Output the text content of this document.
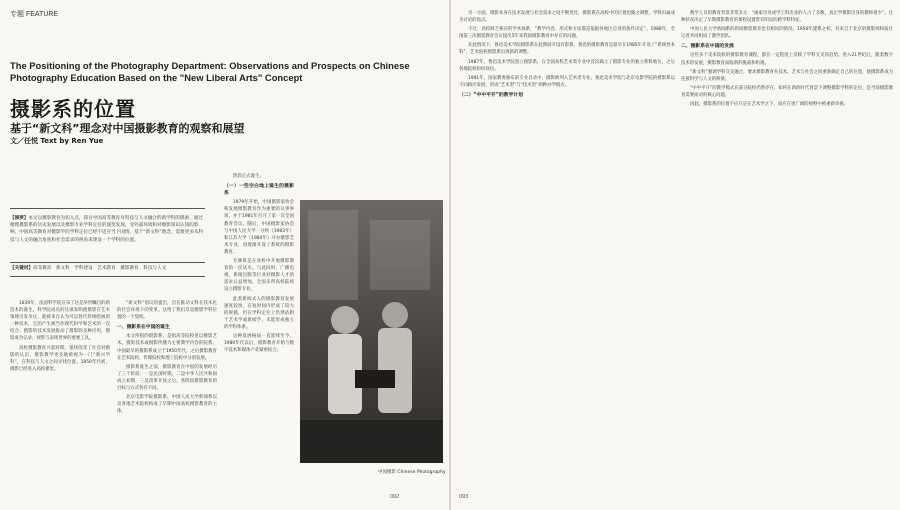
专题 FEATURE
The Positioning of the Photography Department: Observations and Prospects on Chinese Photography Education Based on the "New Liberal Arts" Concept
摄影系的位置
基于“新文科”理念对中国摄影教育的观察和展望
文／任悦 Text by Ren Yue
【摘要】本文以摄影教育为切入点，探讨中国高等教育对科技与人文融合的新学科的摸索。通过梳理摄影系的历史发展以及摄影专业学科定位的演变发现，受外部环境和对摄影知识认知的影响，中国高等教育对摄影学的学科定位已经不适应当下国情。基于“新文科”理念，需要更多从科技与人文的融合角度和社会需求的视角来建设一个学科的位置。
【关键词】高等教育　新文科　学科建设　艺术教育　摄影教育　科技与人文

1839年，法国科学院宣布了这是举世瞩目的新技术的诞生。科学院成员的这项发明使摄影在艺术领域引发争议，就被来自认为可以替代传统绘画的一种技术，它的产生被当作现代科学和艺术的一次结合。摄影的技术发展推动了摄影的多种应用，摄影成为记录、观察与表现世界的重要工具。

高校摄影教育兴起时期，很快改变了社会对摄影的认识，摄影教学更多地被视为一门“新兴学科”，在科技与人文之间寻找位置。1950年代初，摄影已经进入高校课堂。

“新文科”倡议的提出，旨在推动文科在技术化的社会环境下的变革。这给了我们反思摄影学科位置的一个契机。

一、摄影系在中国的诞生

本文所指的摄影系，是指高等院校里以摄影艺术、摄影技术或摄影传播为主要教学内容的院系。中国最早的摄影系成立于1950年代，之后摄影教育在艺术院校、传媒院校和理工院校中分别发展。

摄影系诞生之前，摄影教育在中国的发展经历了三个阶段：一是民国时期，二是中华人民共和国成立初期，三是改革开放之后。各阶段摄影教育的目标与方式各有不同。

北京电影学院摄影系、中国人民大学新闻系以及各地艺术院校构成了早期中国高校摄影教育的主体。

阶段正式诞生。

（一）一些空白地上诞生的摄影系

1979年开始，中国摄影家协会和发展摄影教育作为重要的议事事项，并于1981年召开了第一次全国教育会议。随后，中国摄影家协会与中国人民大学一分校（1983年）和江苏大学（1984年）开办摄影艺术专业，再逐渐开设了系统的摄影教育。

专修班是在高校中开展摄影教育的一次试水。与此同时，广播电视、新闻出版等行业对摄影人才的需求日益增加，全国多所高校陆续设立摄影专业。

此类新闻式入的摄影教育发展速度较快，在短时间内形成了较大的规模，但在学科定位上仍然依附于艺术学或新闻学，未能形成独立的学科体系。

这种发展格局一直延续至今。1980年代以后，摄影教育开始与数字技术和媒体产业紧密结合。

中国摄影 Chinese Photography
092

另一方面，摄影本身在技术发展与社会需求之间不断变化，摄影系在高校中的位置也随之调整，学科归属成为讨论的焦点。

不过，高校缺乏相应的学术体系，“教学内容、形式和方法都是依据各地区自身的条件决定”。1988年，全国第三次摄影教育会议提出5年来我国摄影教育中存在的问题。

在此情况下，鲁迅美术学院摄影系在此期间开设有影系。鲁迅的摄影教育是最早在1985年开设了“系统性本科”，艺术院校摄影系出现新的调整。

1987年，鲁迅美术学院创立摄影系，在全国高校艺术类专业中首次确立了摄影专业的独立系科地位，之后各地院校纷纷效仿。

1991年，国家教委颁布的专业目录中，摄影被列入艺术类专业。鲁迅美术学院与北京电影学院的摄影系以不同路径发展，形成“艺术型”与“技术型”两种办学模式。

（二）“中中平开”的教学计划

数学人员的教育背景非常多元：“画家出身或学工科出身的人占了多数，真正学摄影出身的教师很少”。这种状况决定了早期摄影教育的课程设置带有明显的跨学科特征。

中国人民大学新闻系的新闻摄影教育也有相同的情况。1956年建系之初，有来自于北京的摄影师和报社记者共同组成了教学团队。

二、摄影系在中国的发展

这些多个美术院校的摄影教育课程，都在一定程度上反映了学科交叉的趋势。进入21世纪后，随着数字技术的发展，摄影教育面临新的挑战和机遇。

“新文科”强调学科交叉融合，要求摄影教育在技术、艺术与社会之间重新确定自己的位置，使摄影系成为连接科学与人文的桥梁。

“中中平开”的教学模式在部分院校仍然存在，如何在新的时代背景下调整摄影学科的定位，是当前摄影教育需要面对的核心问题。

因此，摄影系的位置不应只是在艺术学之下，而应在更广阔的视野中被重新审视。

093
